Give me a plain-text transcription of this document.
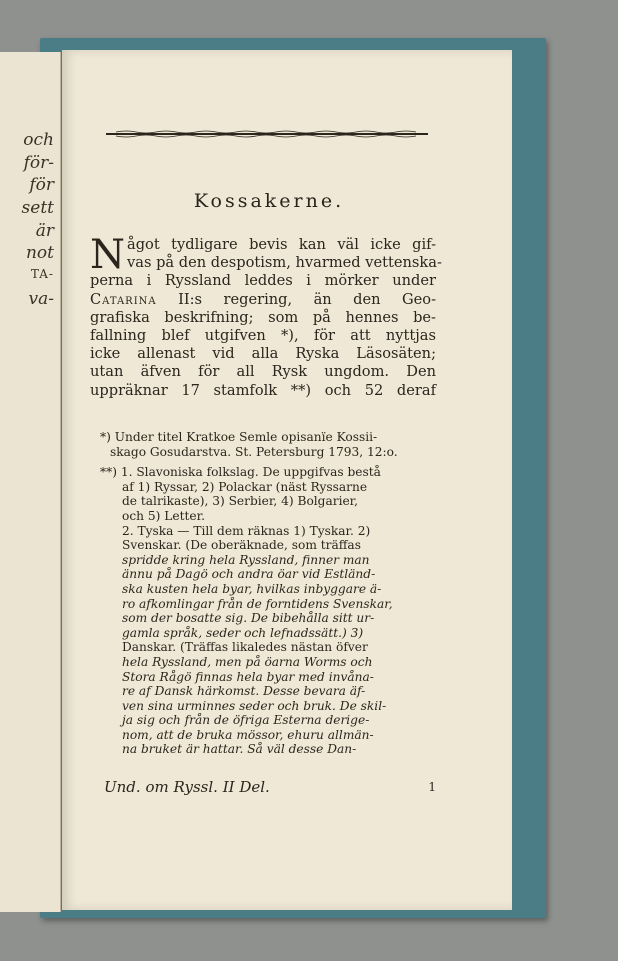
och
för-
för
sett
är
not
TA-
va-
Kossakerne.
N ågot tydligare bevis kan väl icke gif-
vas på den despotism, hvarmed vettenska-
perna i Ryssland leddes i mörker under
Catarina II:s regering, än den Geo-
grafiska beskrifning; som på hennes be-
fallning blef utgifven *), för att nyttjas
icke allenast vid alla Ryska Läsosäten;
utan äfven för all Rysk ungdom. Den
uppräknar 17 stamfolk **) och 52 deraf
*) Under titel Kratkoe Semle opisanïe Kossii-
skago Gosudarstva. St. Petersburg 1793, 12:o.
**) 1. Slavoniska folkslag. De uppgifvas bestå
af 1) Ryssar, 2) Polackar (näst Ryssarne
de talrikaste), 3) Serbier, 4) Bolgarier,
och 5) Letter.
2. Tyska — Till dem räknas 1) Tyskar. 2)
Svenskar. (De oberäknade, som träffas
spridde kring hela Ryssland, finner man
ännu på Dagö och andra öar vid Estländ-
ska kusten hela byar, hvilkas inbyggare ä-
ro afkomlingar från de forntidens Svenskar,
som der bosatte sig. De bibehålla sitt ur-
gamla språk, seder och lefnadssätt.) 3)
Danskar. (Träffas likaledes nästan öfver
hela Ryssland, men på öarna Worms och
Stora Rågö finnas hela byar med invåna-
re af Dansk härkomst. Desse bevara äf-
ven sina urminnes seder och bruk. De skil-
ja sig och från de öfriga Esterna derige-
nom, att de bruka mössor, ehuru allmän-
na bruket är hattar. Så väl desse Dan-
Und. om Ryssl. II Del.	1
